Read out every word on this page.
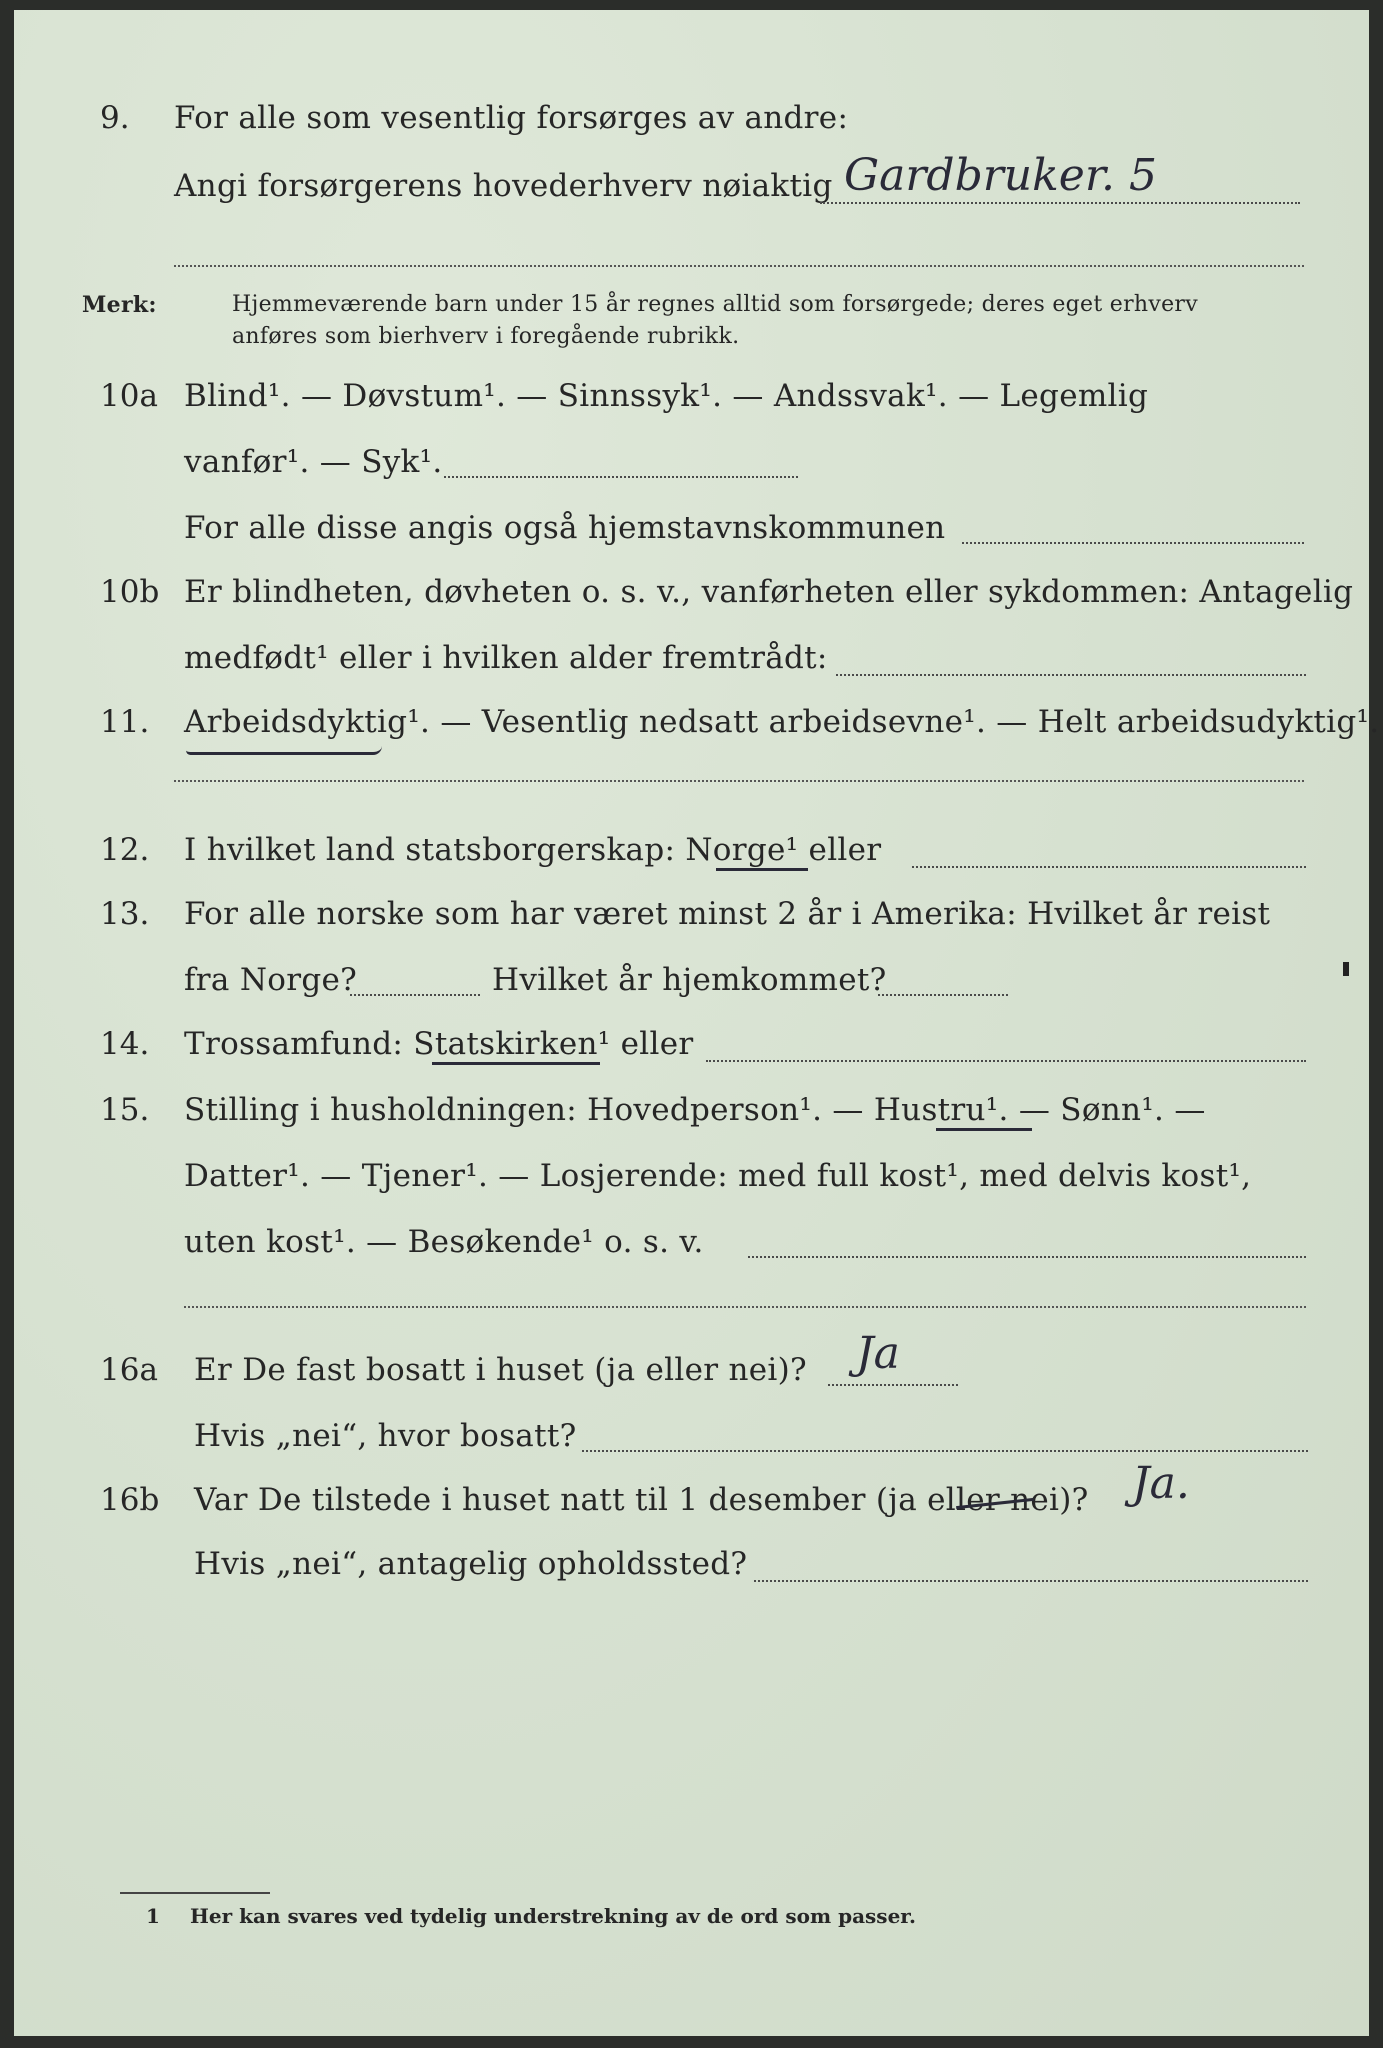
9. For alle som vesentlig forsørges av andre:
Angi forsørgerens hovederhverv nøiaktig Gardbruker. 5
Merk:	Hjemmeværende barn under 15 år regnes alltid som forsørgede; deres eget erhverv
anføres som bierhverv i foregående rubrikk.
10a Blind¹. — Døvstum¹. — Sinnssyk¹. — Andssvak¹. — Legemlig
vanfør¹. — Syk¹.
For alle disse angis også hjemstavnskommunen
10b Er blindheten, døvheten o. s. v., vanførheten eller sykdommen: Antagelig
medfødt¹ eller i hvilken alder fremtrådt:
11. Arbeidsdyktig¹. — Vesentlig nedsatt arbeidsevne¹. — Helt arbeidsudyktig¹.
12. I hvilket land statsborgerskap: Norge¹ eller
13. For alle norske som har været minst 2 år i Amerika: Hvilket år reist
fra Norge?	Hvilket år hjemkommet?
14. Trossamfund: Statskirken¹ eller
15. Stilling i husholdningen: Hovedperson¹. — Hustru¹. — Sønn¹. —
Datter¹. — Tjener¹. — Losjerende: med full kost¹, med delvis kost¹,
uten kost¹. — Besøkende¹ o. s. v.
16a Er De fast bosatt i huset (ja eller nei)? Ja
Hvis „nei“, hvor bosatt?
16b Var De tilstede i huset natt til 1 desember (ja eller nei)? Ja.
Hvis „nei“, antagelig opholdssted?
1 Her kan svares ved tydelig understrekning av de ord som passer.
